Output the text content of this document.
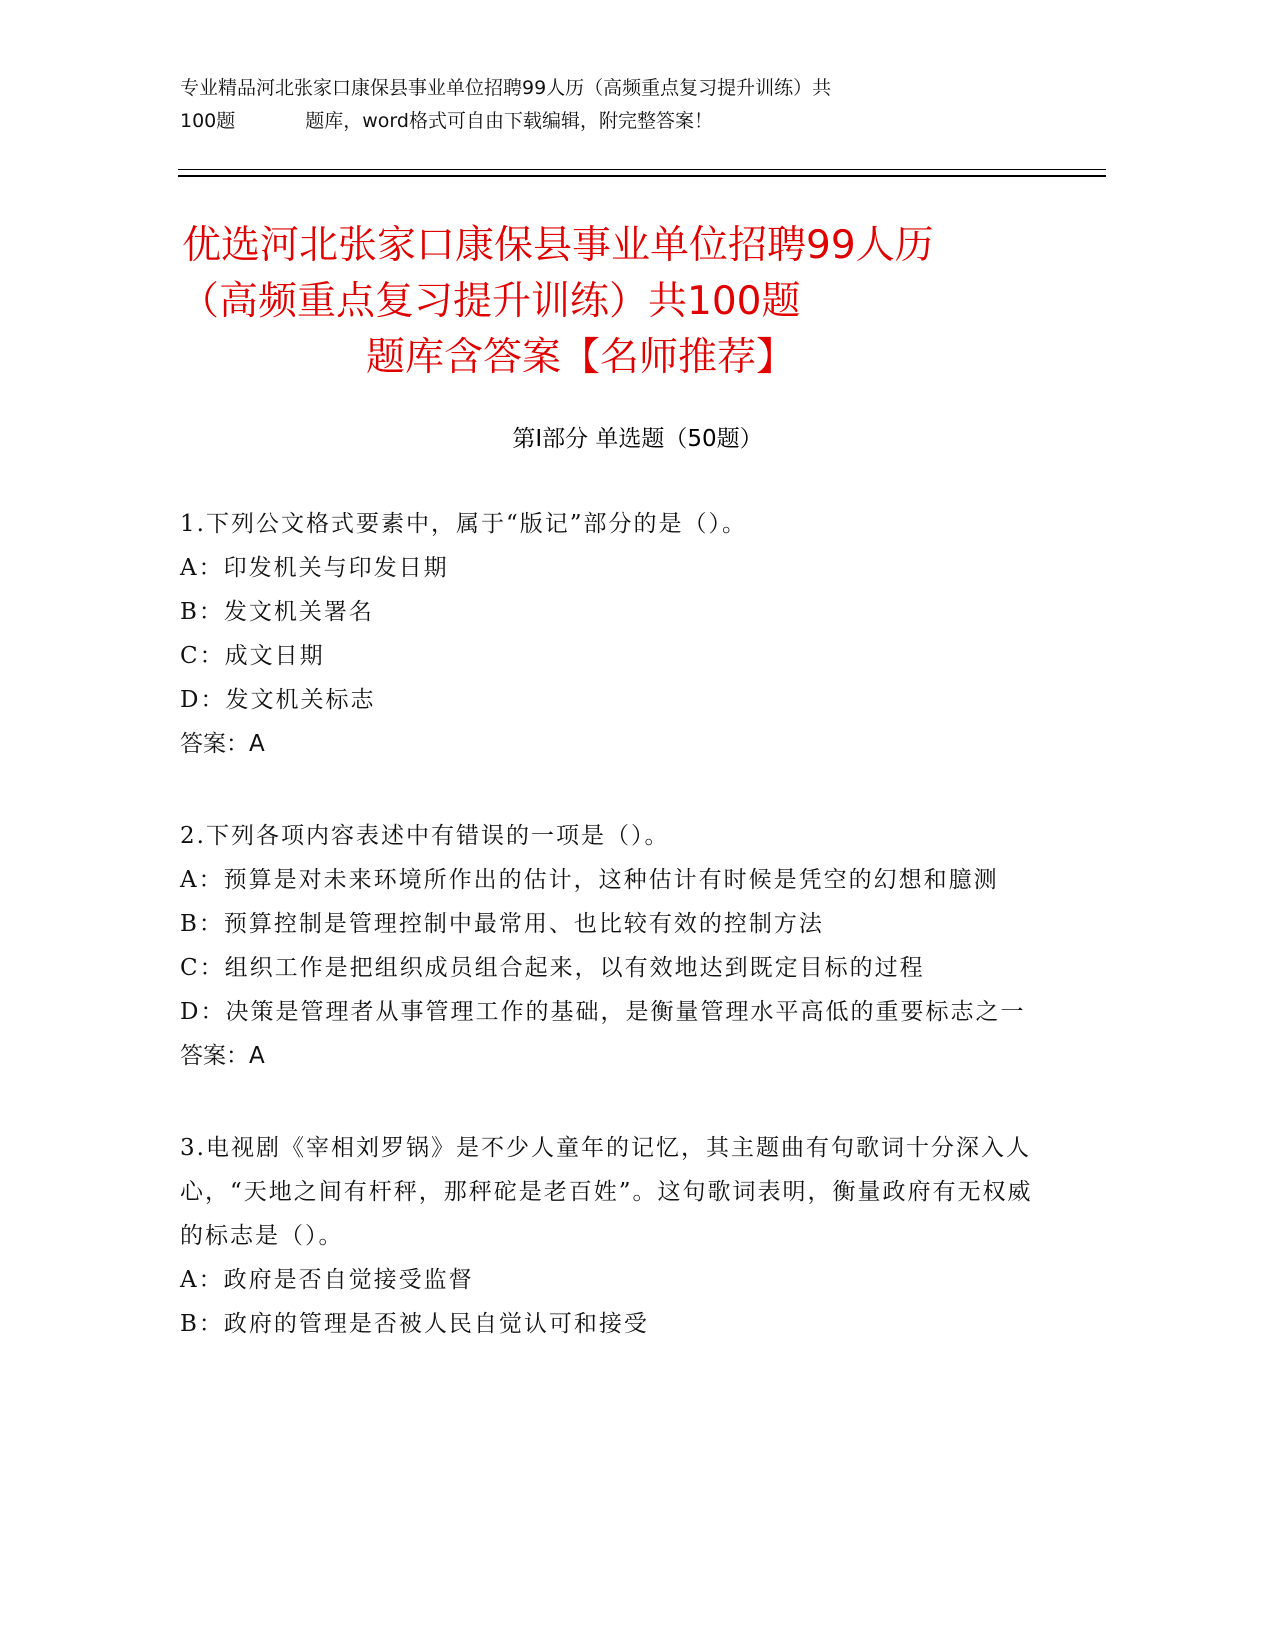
专业精品河北张家口康保县事业单位招聘99人历（高频重点复习提升训练）共
100题	题库，word格式可自由下载编辑，附完整答案！
优选河北张家口康保县事业单位招聘99人历
（高频重点复习提升训练）共100题
题库含答案【名师推荐】
第I部分 单选题（50题）

1.下列公文格式要素中，属于“版记”部分的是（）。

A：印发机关与印发日期

B：发文机关署名

C：成文日期

D：发文机关标志

答案：A

2.下列各项内容表述中有错误的一项是（）。

A：预算是对未来环境所作出的估计，这种估计有时候是凭空的幻想和臆测

B：预算控制是管理控制中最常用、也比较有效的控制方法

C：组织工作是把组织成员组合起来，以有效地达到既定目标的过程

D：决策是管理者从事管理工作的基础，是衡量管理水平高低的重要标志之一

答案：A

3.电视剧《宰相刘罗锅》是不少人童年的记忆，其主题曲有句歌词十分深入人心，“天地之间有杆秤，那秤砣是老百姓”。这句歌词表明，衡量政府有无权威的标志是（）。

A：政府是否自觉接受监督

B：政府的管理是否被人民自觉认可和接受
